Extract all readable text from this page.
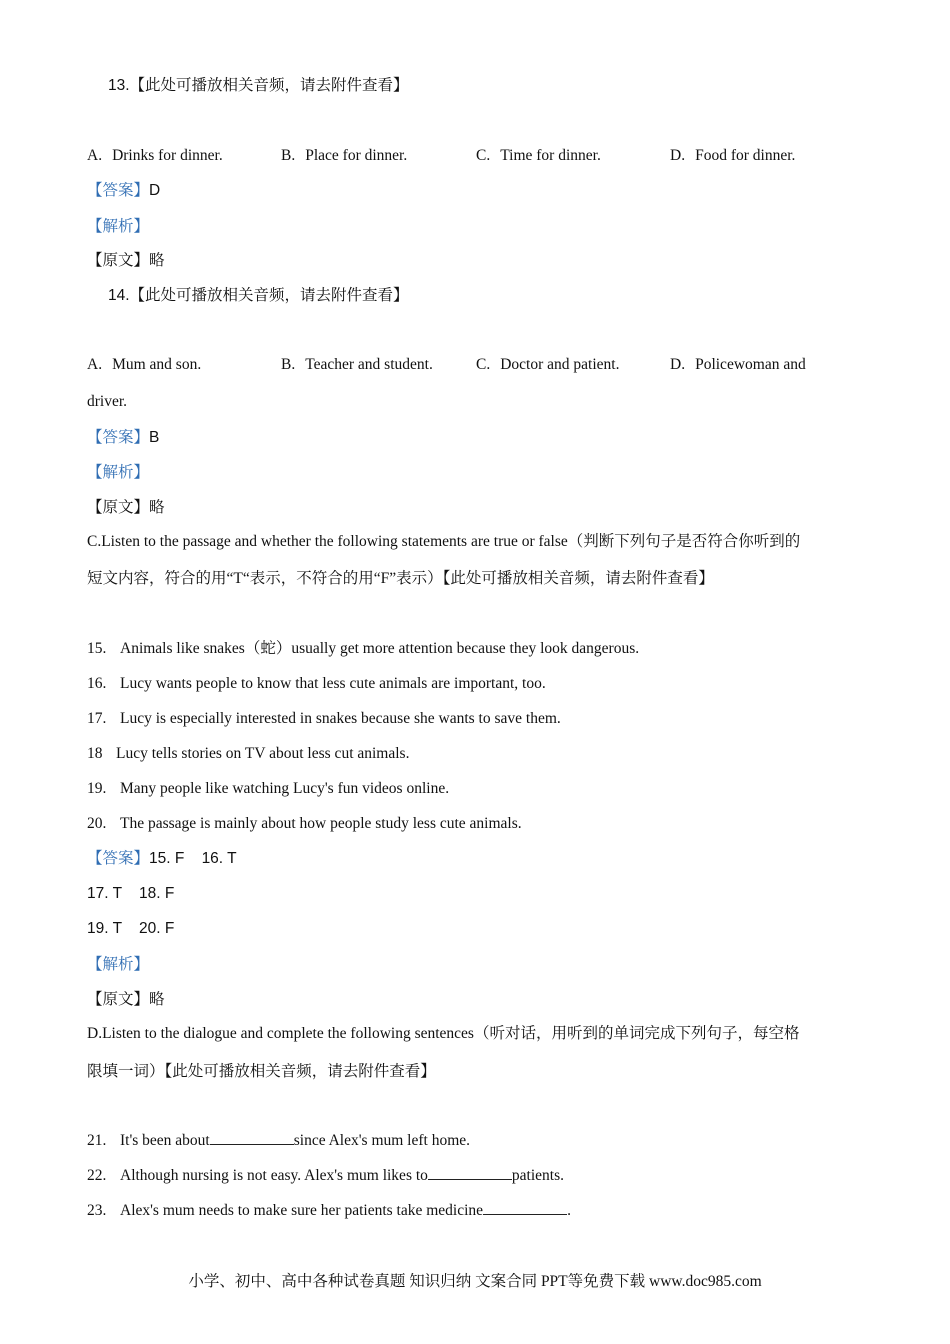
13.【此处可播放相关音频，请去附件查看】
A. Drinks for dinner.	B. Place for dinner.	C. Time for dinner.	D. Food for dinner.
【答案】D
【解析】
【原文】略
14.【此处可播放相关音频，请去附件查看】
A. Mum and son.	B. Teacher and student.	C. Doctor and patient.	D. Policewoman and
driver.
【答案】B
【解析】
【原文】略
C.Listen to the passage and whether the following statements are true or false（判断下列句子是否符合你听到的
短文内容，符合的用“T“表示，不符合的用“F”表示）【此处可播放相关音频，请去附件查看】
15. Animals like snakes（蛇）usually get more attention because they look dangerous.
16. Lucy wants people to know that less cute animals are important, too.
17. Lucy is especially interested in snakes because she wants to save them.
18 Lucy tells stories on TV about less cut animals.
19. Many people like watching Lucy's fun videos online.
20. The passage is mainly about how people study less cute animals.
【答案】15. F    16. T
17. T    18. F
19. T    20. F
【解析】
【原文】略
D.Listen to the dialogue and complete the following sentences（听对话，用听到的单词完成下列句子，每空格
限填一词）【此处可播放相关音频，请去附件查看】
21. It's been about	since Alex's mum left home.
22. Although nursing is not easy. Alex's mum likes to	patients.
23. Alex's mum needs to make sure her patients take medicine	.
小学、初中、高中各种试卷真题 知识归纳 文案合同 PPT等免费下载 www.doc985.com
